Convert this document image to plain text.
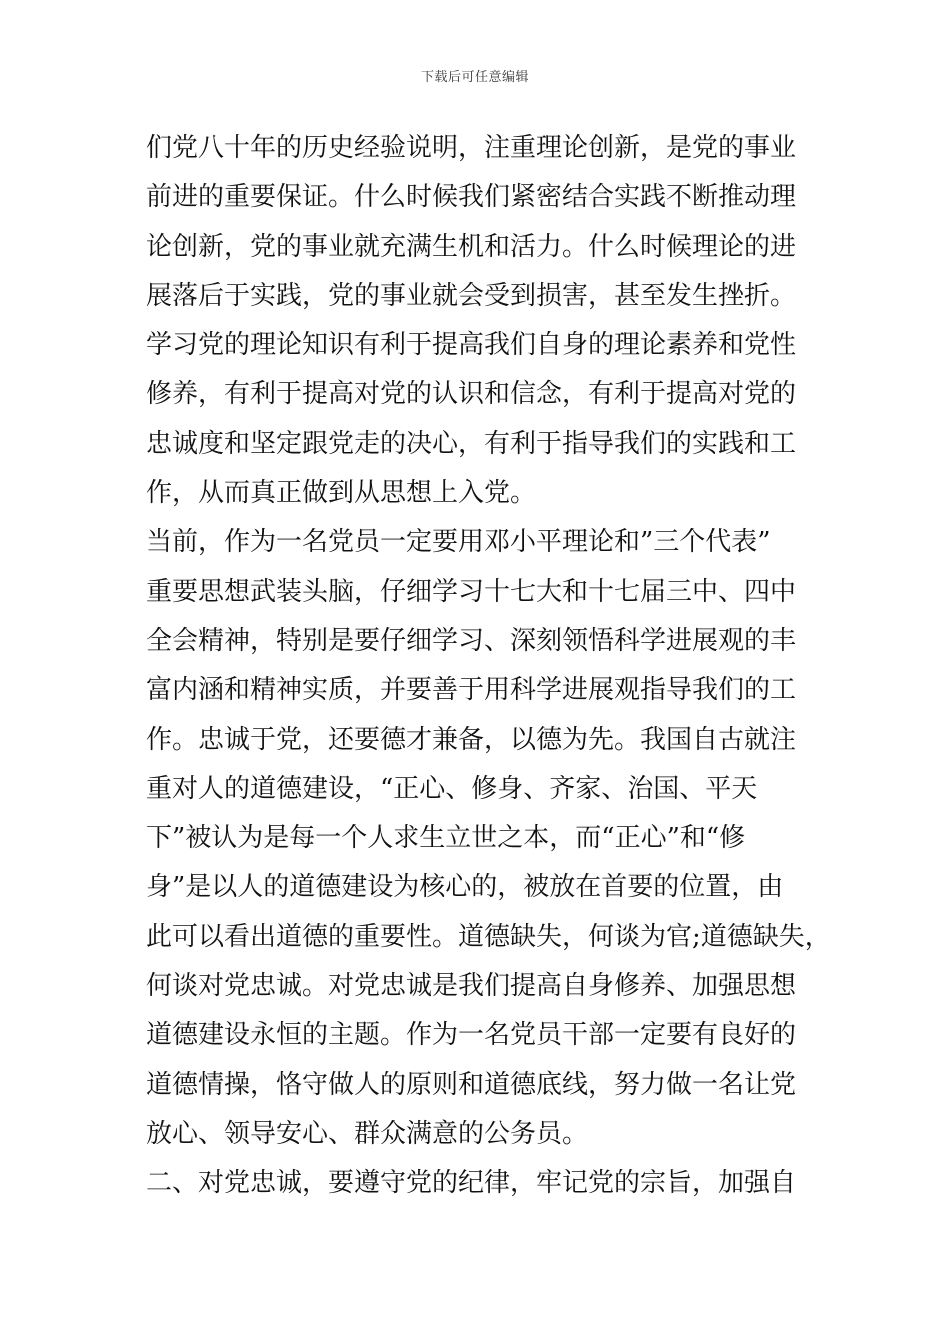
下载后可任意编辑
们党八十年的历史经验说明，注重理论创新，是党的事业
前进的重要保证。什么时候我们紧密结合实践不断推动理
论创新，党的事业就充满生机和活力。什么时候理论的进
展落后于实践，党的事业就会受到损害，甚至发生挫折。
学习党的理论知识有利于提高我们自身的理论素养和党性
修养，有利于提高对党的认识和信念，有利于提高对党的
忠诚度和坚定跟党走的决心，有利于指导我们的实践和工
作，从而真正做到从思想上入党。
当前，作为一名党员一定要用邓小平理论和”三个代表”
重要思想武装头脑，仔细学习十七大和十七届三中、四中
全会精神，特别是要仔细学习、深刻领悟科学进展观的丰
富内涵和精神实质，并要善于用科学进展观指导我们的工
作。忠诚于党，还要德才兼备，以德为先。我国自古就注
重对人的道德建设，“正心、修身、齐家、治国、平天
下”被认为是每一个人求生立世之本，而“正心”和“修
身”是以人的道德建设为核心的，被放在首要的位置，由
此可以看出道德的重要性。道德缺失，何谈为官;道德缺失，
何谈对党忠诚。对党忠诚是我们提高自身修养、加强思想
道德建设永恒的主题。作为一名党员干部一定要有良好的
道德情操，恪守做人的原则和道德底线，努力做一名让党
放心、领导安心、群众满意的公务员。
二、对党忠诚，要遵守党的纪律，牢记党的宗旨，加强自
